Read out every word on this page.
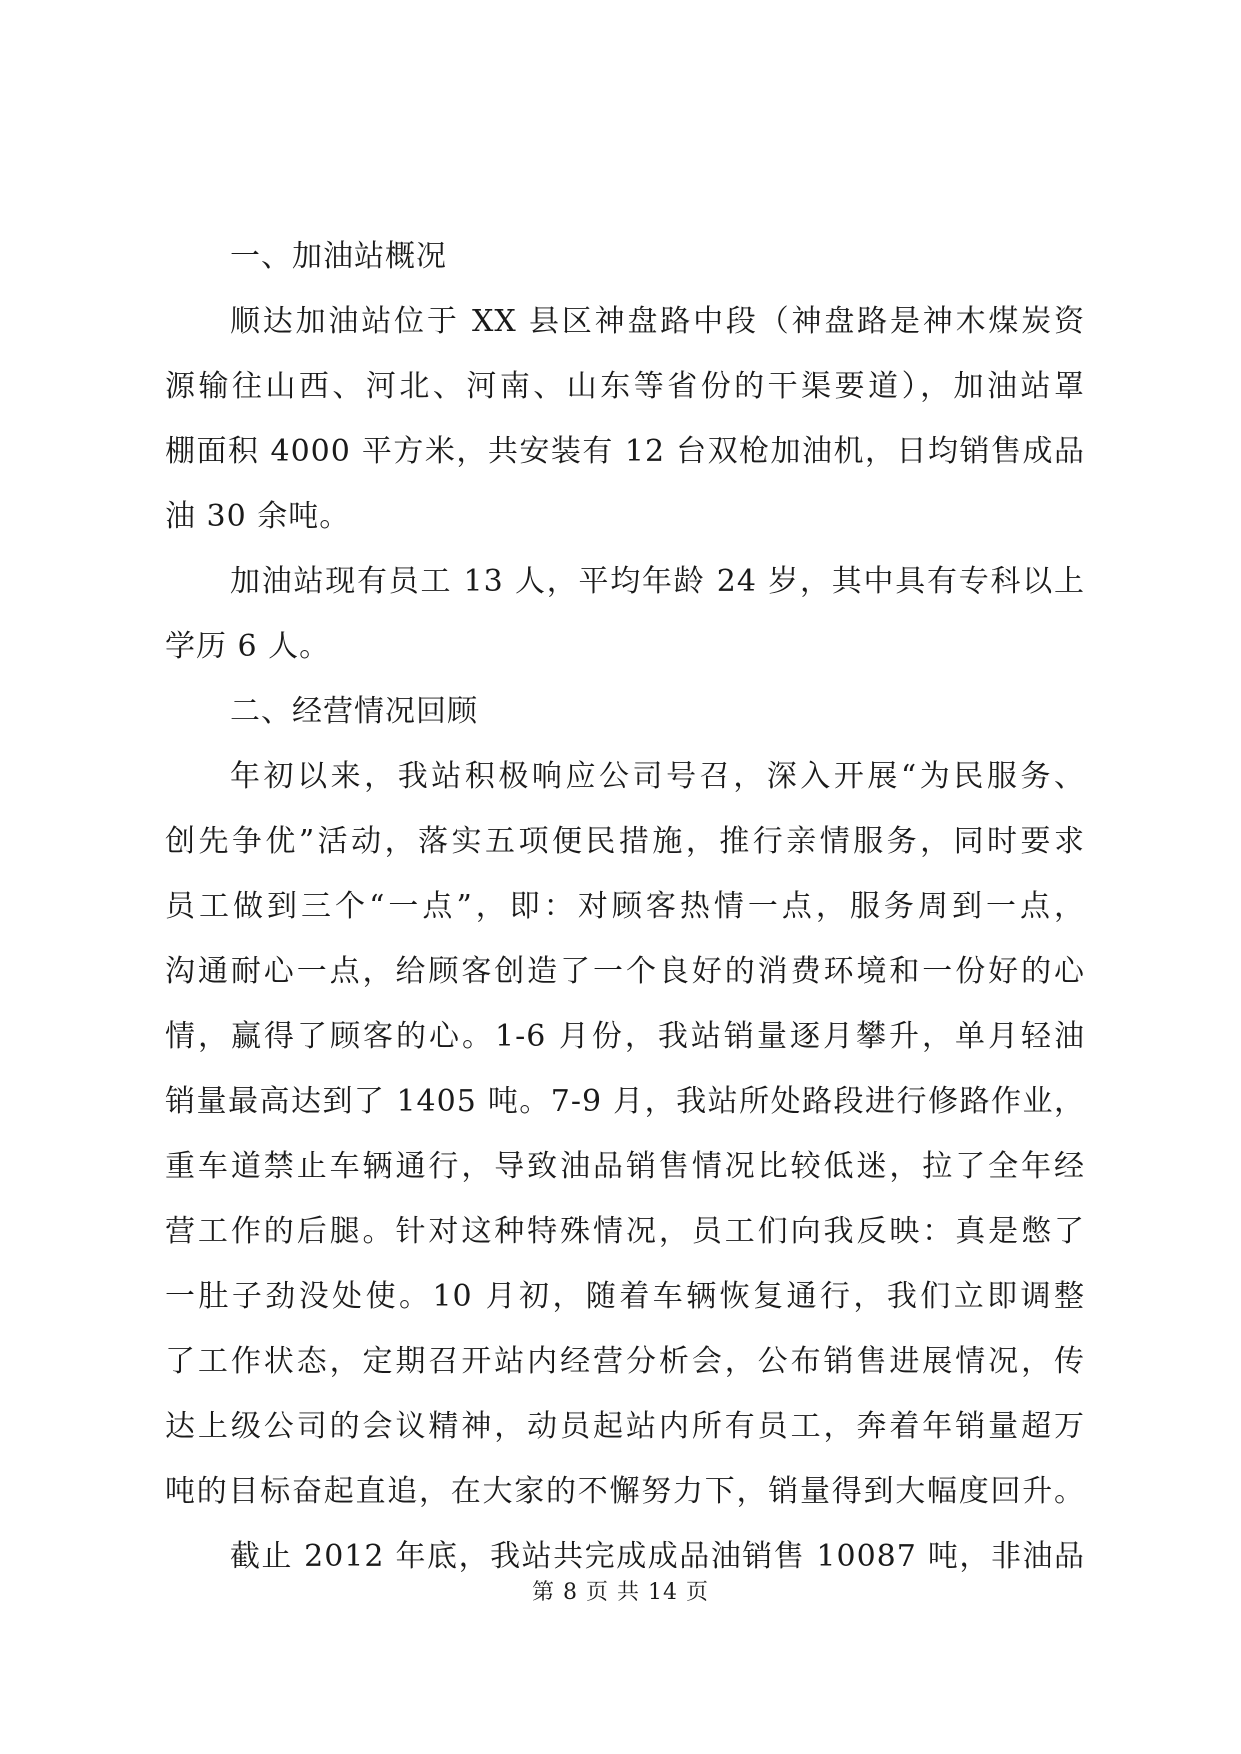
一、加油站概况
顺达加油站位于 XX 县区神盘路中段（神盘路是神木煤炭资
源输往山西、河北、河南、山东等省份的干渠要道），加油站罩
棚面积 4000 平方米，共安装有 12 台双枪加油机，日均销售成品
油 30 余吨。
加油站现有员工 13 人，平均年龄 24 岁，其中具有专科以上
学历 6 人。
二、经营情况回顾
年初以来，我站积极响应公司号召，深入开展“为民服务、
创先争优”活动，落实五项便民措施，推行亲情服务，同时要求
员工做到三个“一点”，即：对顾客热情一点，服务周到一点，
沟通耐心一点，给顾客创造了一个良好的消费环境和一份好的心
情，赢得了顾客的心。1-6 月份，我站销量逐月攀升，单月轻油
销量最高达到了 1405 吨。7-9 月，我站所处路段进行修路作业，
重车道禁止车辆通行，导致油品销售情况比较低迷，拉了全年经
营工作的后腿。针对这种特殊情况，员工们向我反映：真是憋了
一肚子劲没处使。10 月初，随着车辆恢复通行，我们立即调整
了工作状态，定期召开站内经营分析会，公布销售进展情况，传
达上级公司的会议精神，动员起站内所有员工，奔着年销量超万
吨的目标奋起直追，在大家的不懈努力下，销量得到大幅度回升。
截止 2012 年底，我站共完成成品油销售 10087 吨，非油品
第 8 页 共 14 页
